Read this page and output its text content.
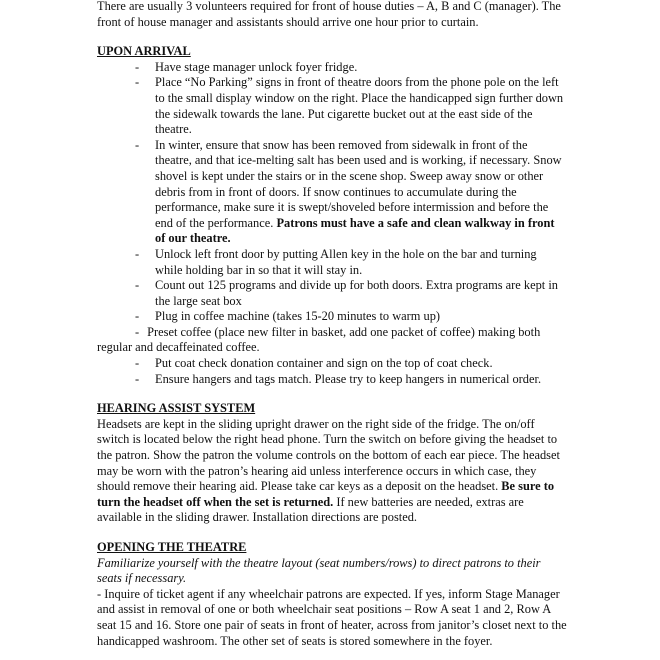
There are usually 3 volunteers required for front of house duties – A, B and C (manager). The front of house manager and assistants should arrive one hour prior to curtain.

UPON ARRIVAL

- Have stage manager unlock foyer fridge.
- Place “No Parking” signs in front of theatre doors from the phone pole on the left to the small display window on the right. Place the handicapped sign further down the sidewalk towards the lane. Put cigarette bucket out at the east side of the theatre.
- In winter, ensure that snow has been removed from sidewalk in front of the theatre, and that ice-melting salt has been used and is working, if necessary. Snow shovel is kept under the stairs or in the scene shop. Sweep away snow or other debris from in front of doors. If snow continues to accumulate during the performance, make sure it is swept/shoveled before intermission and before the end of the performance. Patrons must have a safe and clean walkway in front of our theatre.
- Unlock left front door by putting Allen key in the hole on the bar and turning while holding bar in so that it will stay in.
- Count out 125 programs and divide up for both doors. Extra programs are kept in the large seat box
- Plug in coffee machine (takes 15-20 minutes to warm up)
- Preset coffee (place new filter in basket, add one packet of coffee) making both regular and decaffeinated coffee.
- Put coat check donation container and sign on the top of coat check.
- Ensure hangers and tags match. Please try to keep hangers in numerical order.

HEARING ASSIST SYSTEM

Headsets are kept in the sliding upright drawer on the right side of the fridge. The on/off switch is located below the right head phone. Turn the switch on before giving the headset to the patron. Show the patron the volume controls on the bottom of each ear piece. The headset may be worn with the patron’s hearing aid unless interference occurs in which case, they should remove their hearing aid. Please take car keys as a deposit on the headset. Be sure to turn the headset off when the set is returned. If new batteries are needed, extras are available in the sliding drawer. Installation directions are posted.

OPENING THE THEATRE

Familiarize yourself with the theatre layout (seat numbers/rows) to direct patrons to their seats if necessary.

- Inquire of ticket agent if any wheelchair patrons are expected. If yes, inform Stage Manager and assist in removal of one or both wheelchair seat positions – Row A seat 1 and 2, Row A seat 15 and 16. Store one pair of seats in front of heater, across from janitor’s closet next to the handicapped washroom. The other set of seats is stored somewhere in the foyer.
